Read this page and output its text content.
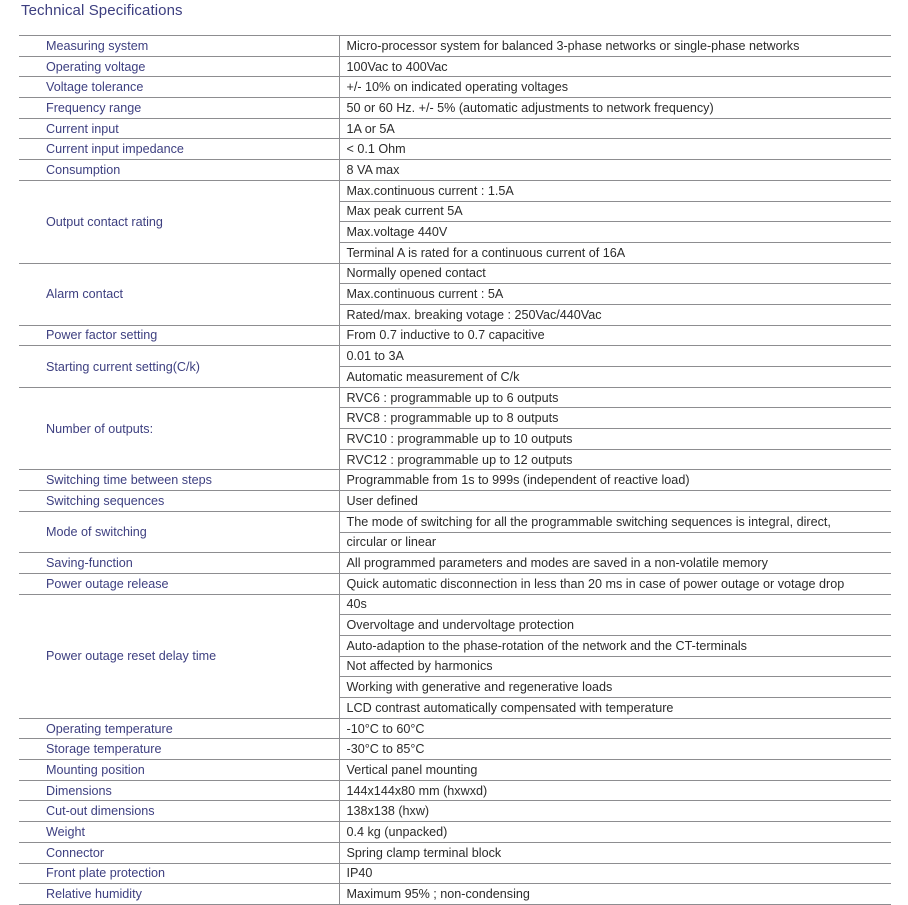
Technical Specifications
Measuring system	Micro-processor system for balanced 3-phase networks or single-phase networks
Operating voltage	100Vac to 400Vac
Voltage tolerance	+/- 10% on indicated operating voltages
Frequency range	50 or 60 Hz. +/- 5% (automatic adjustments to network frequency)
Current input	1A or 5A
Current input impedance	< 0.1 Ohm
Consumption	8 VA max
Output contact rating	Max.continuous current : 1.5A
	Max peak current 5A
	Max.voltage 440V
	Terminal A is rated for a continuous current of 16A
Alarm contact	Normally opened contact
	Max.continuous current : 5A
	Rated/max. breaking votage : 250Vac/440Vac
Power factor setting	From 0.7 inductive to 0.7 capacitive
Starting current setting(C/k)	0.01 to 3A
	Automatic measurement of C/k
Number of outputs:	RVC6 : programmable up to 6 outputs
	RVC8 : programmable up to 8 outputs
	RVC10 : programmable up to 10 outputs
	RVC12 : programmable up to 12 outputs
Switching time between steps	Programmable from 1s to 999s (independent of reactive load)
Switching sequences	User defined
Mode of switching	The mode of switching for all the programmable switching sequences is integral, direct,
	circular or linear
Saving-function	All programmed parameters and modes are saved in a non-volatile memory
Power outage release	Quick automatic disconnection in less than 20 ms in case of power outage or votage drop
Power outage reset delay time	40s
	Overvoltage and undervoltage protection
	Auto-adaption to the phase-rotation of the network and the CT-terminals
	Not affected by harmonics
	Working with generative and regenerative loads
	LCD contrast automatically compensated with temperature
Operating temperature	-10°C to 60°C
Storage temperature	-30°C to 85°C
Mounting position	Vertical panel mounting
Dimensions	144x144x80 mm (hxwxd)
Cut-out dimensions	138x138 (hxw)
Weight	0.4 kg (unpacked)
Connector	Spring clamp terminal block
Front plate protection	IP40
Relative humidity	Maximum 95% ; non-condensing
